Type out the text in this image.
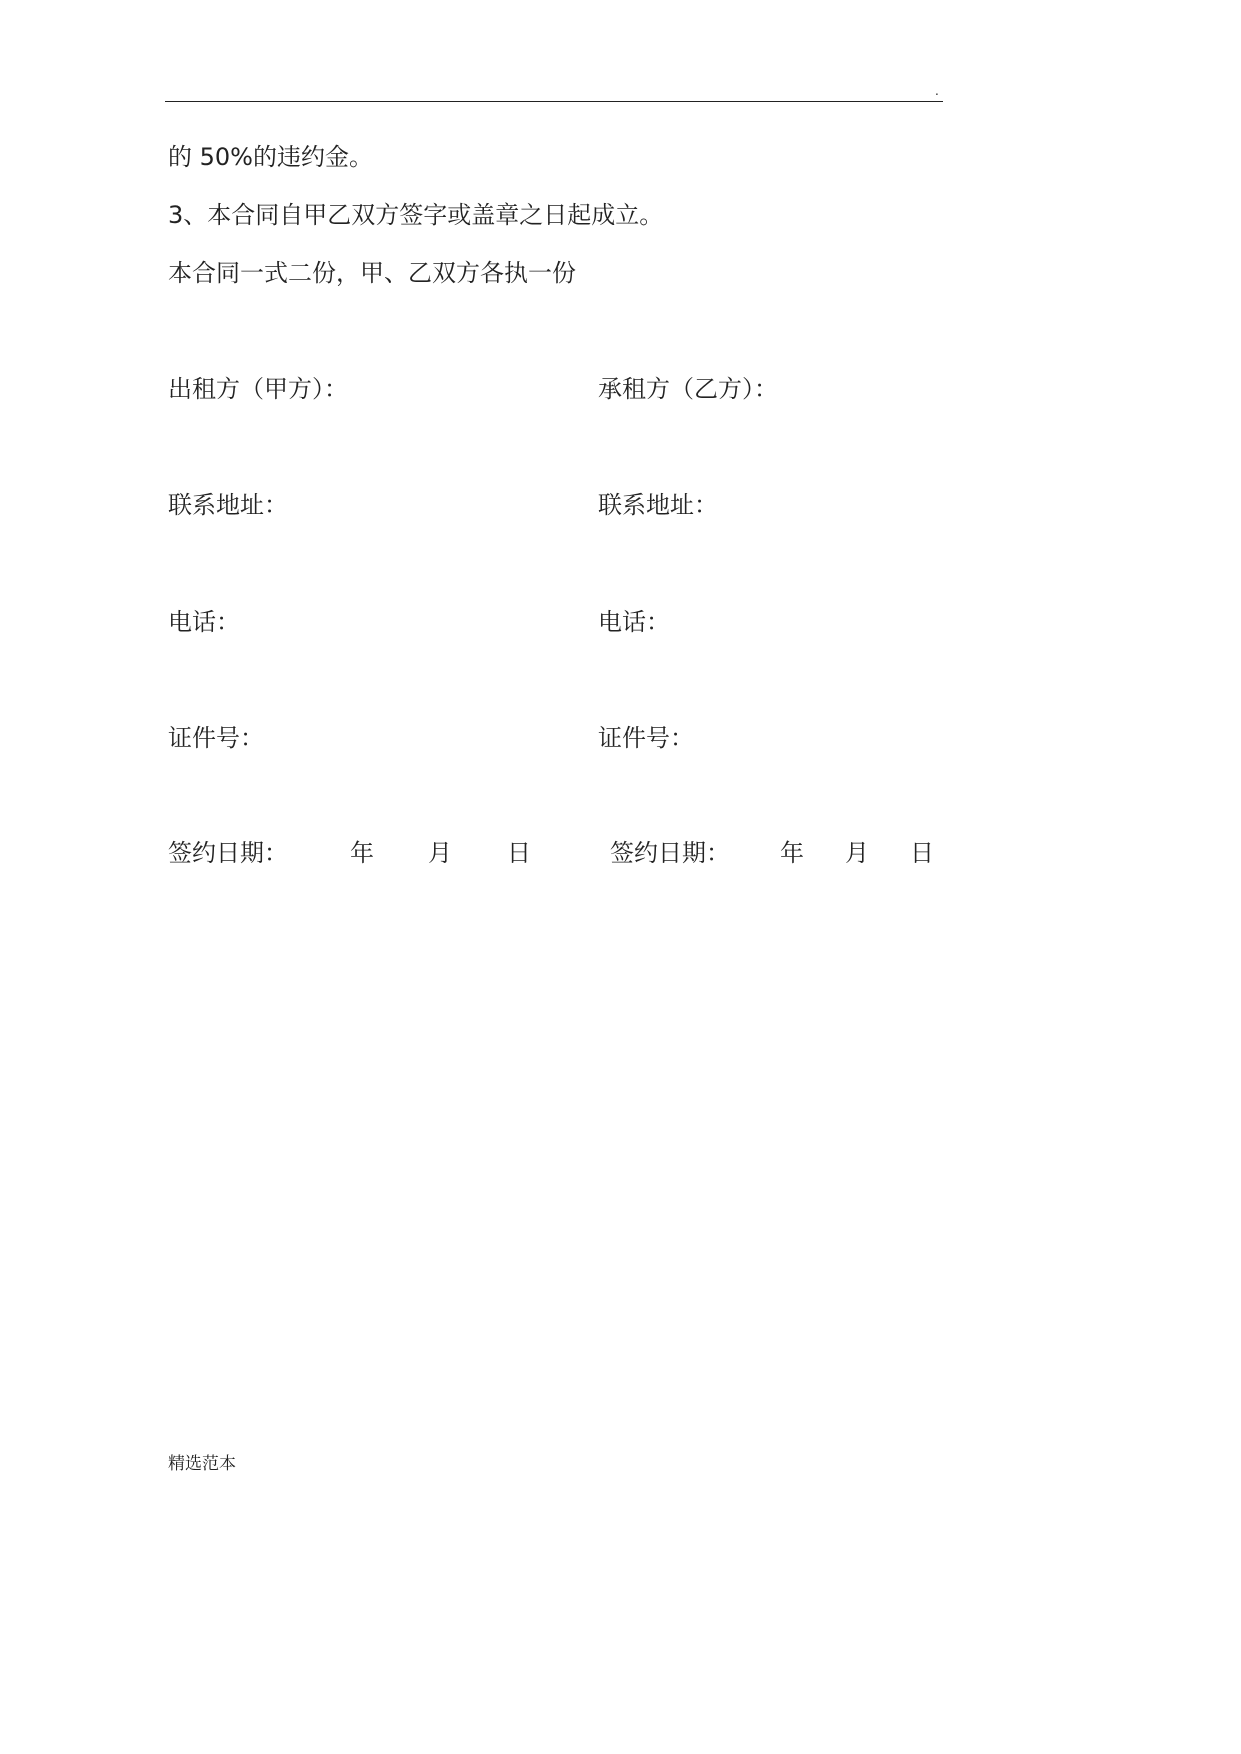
.
的 50%的违约金。
3、本合同自甲乙双方签字或盖章之日起成立。
本合同一式二份，甲、乙双方各执一份
出租方（甲方）：	承租方（乙方）：
联系地址：	联系地址：
电话：	电话：
证件号：	证件号：
签约日期：	年 月 日	签约日期： 年 月 日
精选范本
